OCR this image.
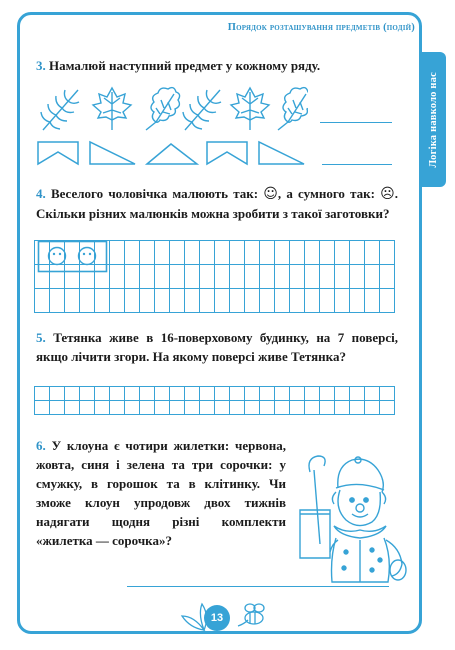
Логіка навколо нас
Порядок розташування предметів (подій)
3. Намалюй наступний предмет у кожному ряду.
4. Веселого чоловічка малюють так: ☺, а сумного так: ☹. Скільки різних малюнків можна зробити з такої заготовки?
5. Тетянка живе в 16-поверховому будинку, на 7 поверсі, якщо лічити згори. На якому поверсі живе Тетянка?
6. У клоуна є чотири жилетки: червона, жовта, синя і зелена та три сорочки: у смужку, в горошок та в клітинку. Чи зможе клоун упродовж двох тижнів надягати щодня різні комплекти «жилетка — сорочка»?
13
